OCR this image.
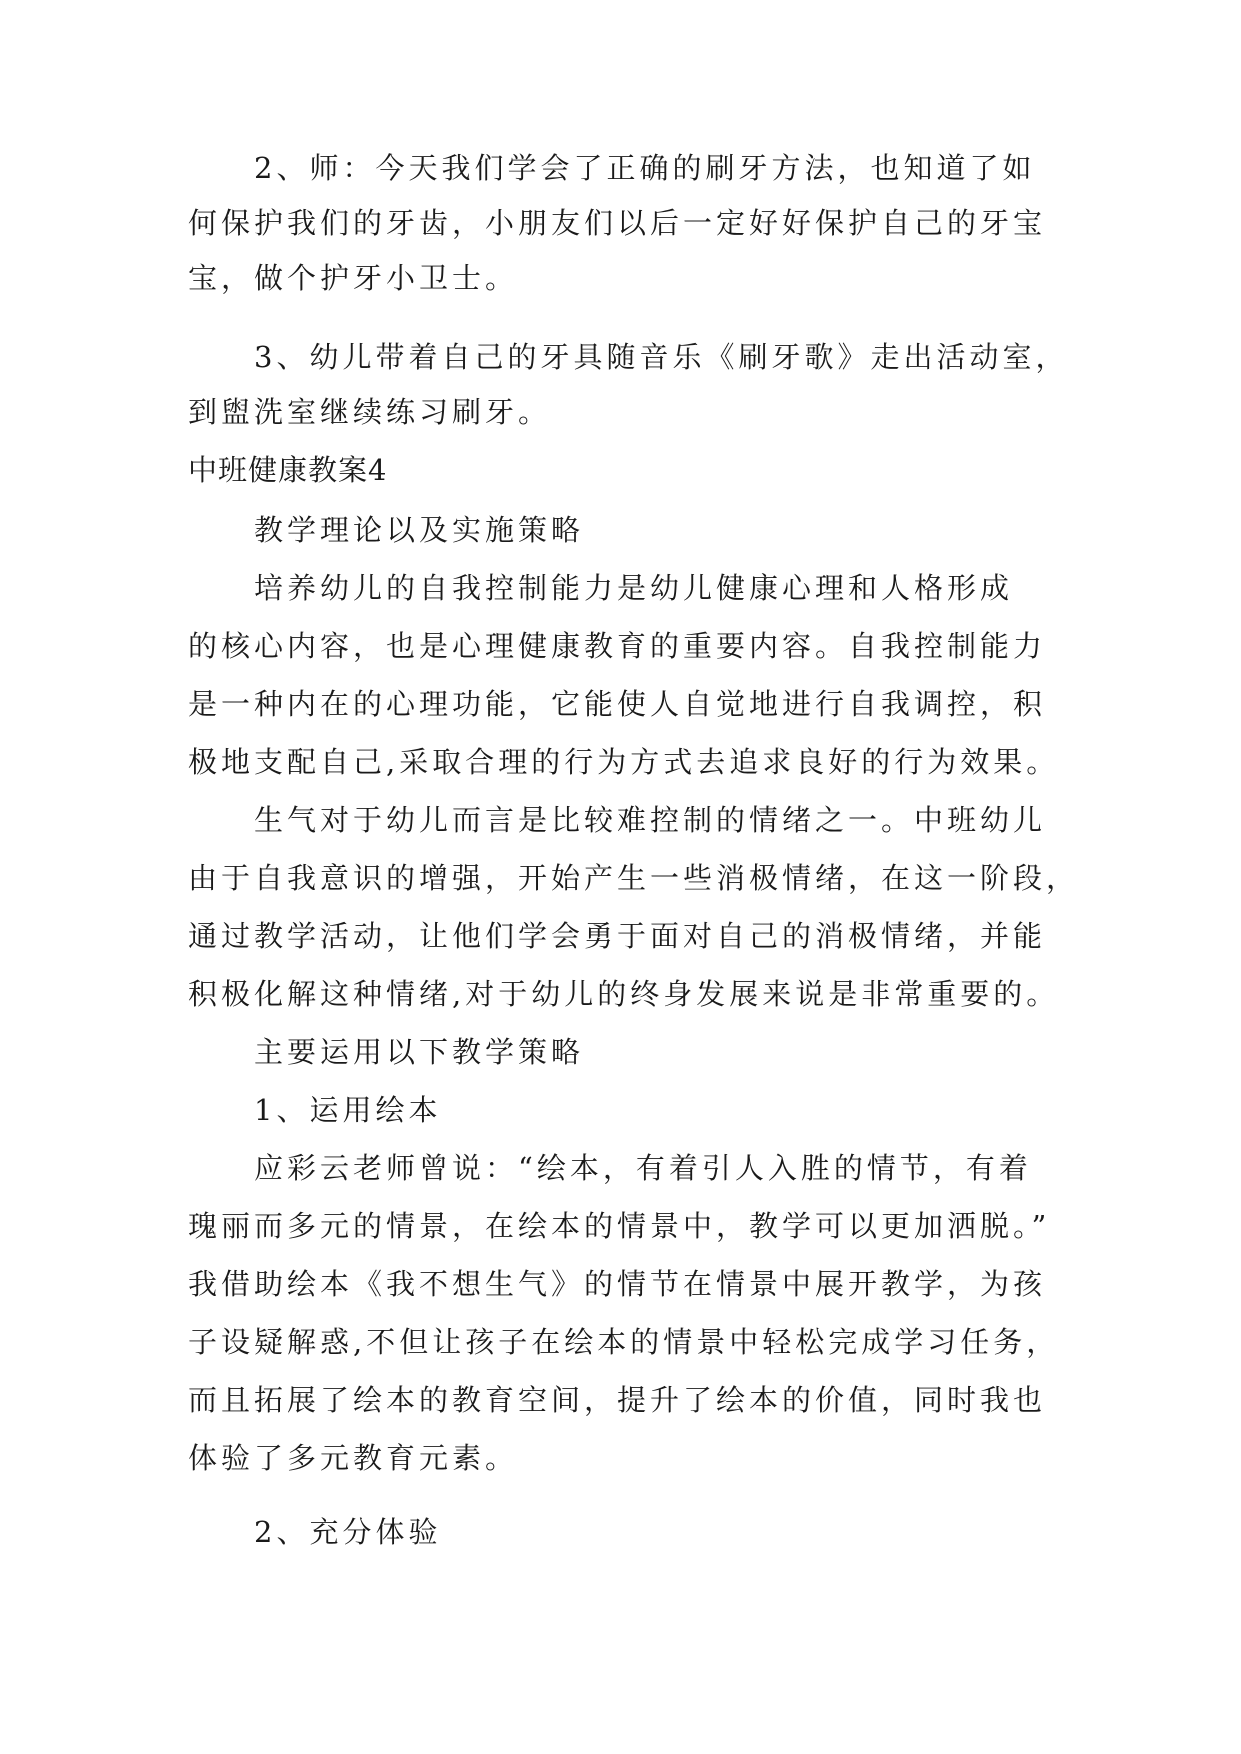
　　2、师：今天我们学会了正确的刷牙方法，也知道了如
何保护我们的牙齿，小朋友们以后一定好好保护自己的牙宝
宝，做个护牙小卫士。
　　3、幼儿带着自己的牙具随音乐《刷牙歌》走出活动室，
到盥洗室继续练习刷牙。
中班健康教案4
　　教学理论以及实施策略
　　培养幼儿的自我控制能力是幼儿健康心理和人格形成
的核心内容，也是心理健康教育的重要内容。自我控制能力
是一种内在的心理功能，它能使人自觉地进行自我调控，积
极地支配自己,采取合理的行为方式去追求良好的行为效果。
　　生气对于幼儿而言是比较难控制的情绪之一。中班幼儿
由于自我意识的增强，开始产生一些消极情绪，在这一阶段，
通过教学活动，让他们学会勇于面对自己的消极情绪，并能
积极化解这种情绪,对于幼儿的终身发展来说是非常重要的。
　　主要运用以下教学策略
　　1、运用绘本
　　应彩云老师曾说：“绘本，有着引人入胜的情节，有着
瑰丽而多元的情景，在绘本的情景中，教学可以更加洒脱。”
我借助绘本《我不想生气》的情节在情景中展开教学，为孩
子设疑解惑,不但让孩子在绘本的情景中轻松完成学习任务，
而且拓展了绘本的教育空间，提升了绘本的价值，同时我也
体验了多元教育元素。
　　2、充分体验
